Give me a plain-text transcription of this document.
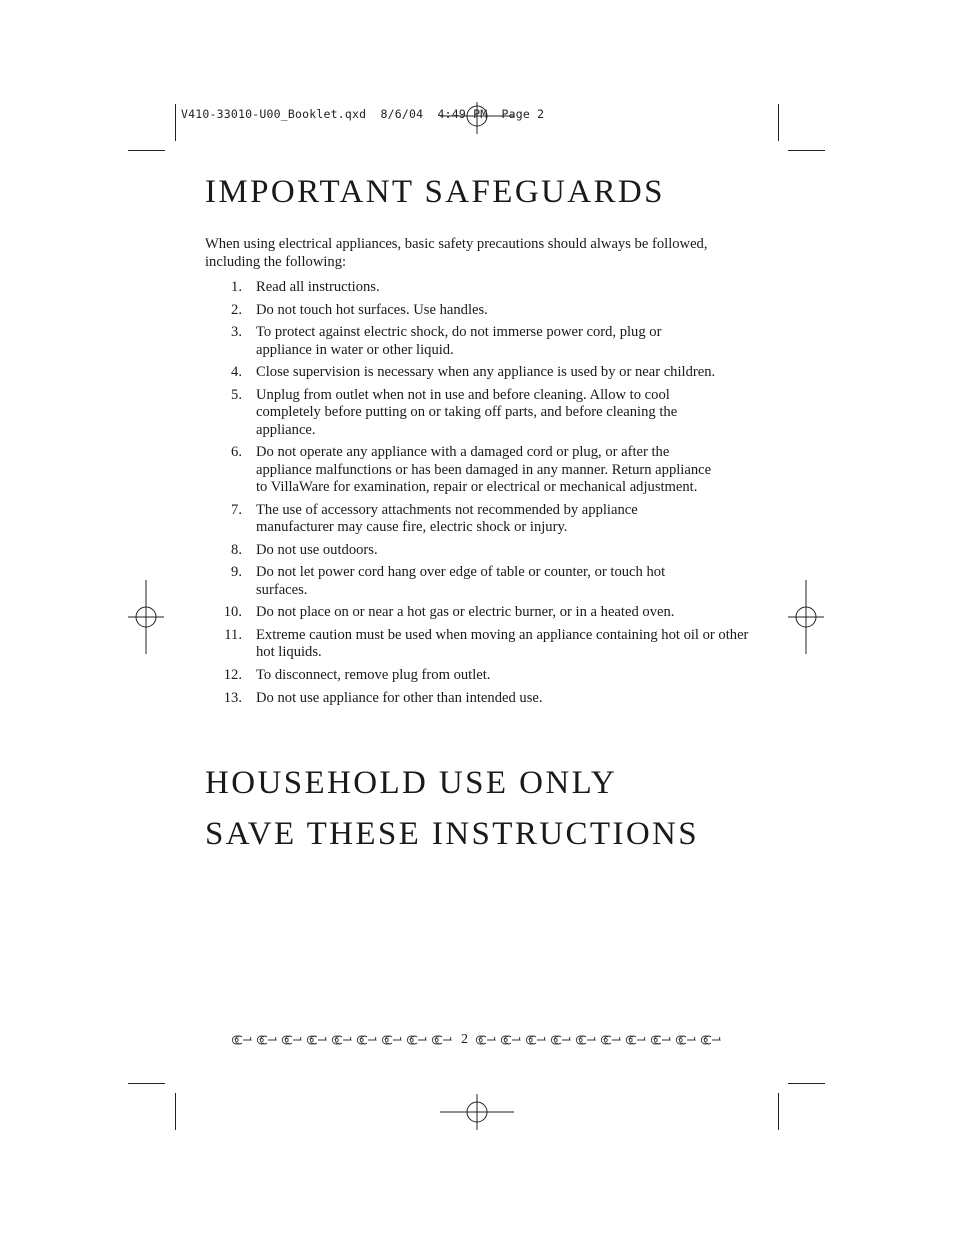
V410-33010-U00_Booklet.qxd  8/6/04  4:49 PM  Page 2
IMPORTANT SAFEGUARDS

When using electrical appliances, basic safety precautions should always be followed, including the following:

1. Read all instructions.
2. Do not touch hot surfaces. Use handles.
3. To protect against electric shock, do not immerse power cord, plug or appliance in water or other liquid.
4. Close supervision is necessary when any appliance is used by or near children.
5. Unplug from outlet when not in use and before cleaning. Allow to cool completely before putting on or taking off parts, and before cleaning the appliance.
6. Do not operate any appliance with a damaged cord or plug, or after the appliance malfunctions or has been damaged in any manner. Return appliance to VillaWare for examination, repair or electrical or mechanical adjustment.
7. The use of accessory attachments not recommended by appliance manufacturer may cause fire, electric shock or injury.
8. Do not use outdoors.
9. Do not let power cord hang over edge of table or counter, or touch hot surfaces.
10. Do not place on or near a hot gas or electric burner, or in a heated oven.
11. Extreme caution must be used when moving an appliance containing hot oil or other hot liquids.
12. To disconnect, remove plug from outlet.
13. Do not use appliance for other than intended use.
HOUSEHOLD USE ONLY
SAVE THESE INSTRUCTIONS
2
